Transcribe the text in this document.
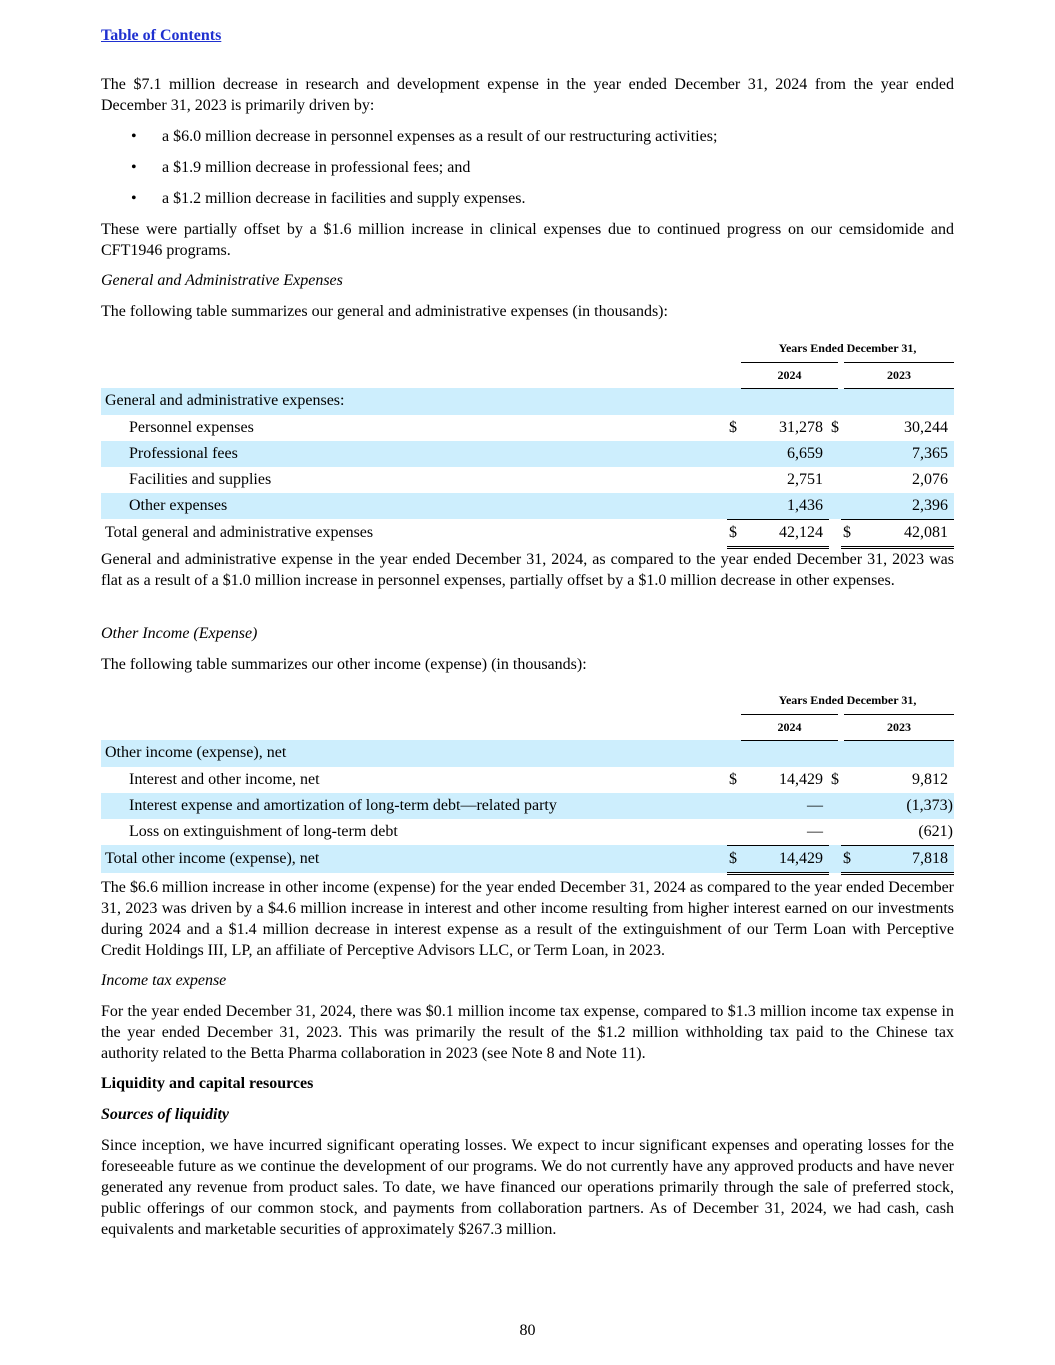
Table of Contents

The $7.1 million decrease in research and development expense in the year ended December 31, 2024 from the year ended December 31, 2023 is primarily driven by:

• a $6.0 million decrease in personnel expenses as a result of our restructuring activities;
• a $1.9 million decrease in professional fees; and
• a $1.2 million decrease in facilities and supply expenses.

These were partially offset by a $1.6 million increase in clinical expenses due to continued progress on our cemsidomide and CFT1946 programs.

General and Administrative Expenses

The following table summarizes our general and administrative expenses (in thousands):

		Years Ended December 31,			
		2024		2023	
General and administrative expenses:					
Personnel expenses	$	31,278	$		30,244
Professional fees		6,659			7,365
Facilities and supplies		2,751			2,076
Other expenses		1,436			2,396
Total general and administrative expenses	$	42,124		$	42,081

General and administrative expense in the year ended December 31, 2024, as compared to the year ended December 31, 2023 was flat as a result of a $1.0 million increase in personnel expenses, partially offset by a $1.0 million decrease in other expenses.

Other Income (Expense)

The following table summarizes our other income (expense) (in thousands):

		Years Ended December 31,			
		2024		2023	
Other income (expense), net					
Interest and other income, net	$	14,429	$		9,812
Interest expense and amortization of long-term debt—related party		—			(1,373)
Loss on extinguishment of long-term debt		—			(621)
Total other income (expense), net	$	14,429		$	7,818

The $6.6 million increase in other income (expense) for the year ended December 31, 2024 as compared to the year ended December 31, 2023 was driven by a $4.6 million increase in interest and other income resulting from higher interest earned on our investments during 2024 and a $1.4 million decrease in interest expense as a result of the extinguishment of our Term Loan with Perceptive Credit Holdings III, LP, an affiliate of Perceptive Advisors LLC, or Term Loan, in 2023.

Income tax expense

For the year ended December 31, 2024, there was $0.1 million income tax expense, compared to $1.3 million income tax expense in the year ended December 31, 2023. This was primarily the result of the $1.2 million withholding tax paid to the Chinese tax authority related to the Betta Pharma collaboration in 2023 (see Note 8 and Note 11).

Liquidity and capital resources

Sources of liquidity

Since inception, we have incurred significant operating losses. We expect to incur significant expenses and operating losses for the foreseeable future as we continue the development of our programs. We do not currently have any approved products and have never generated any revenue from product sales. To date, we have financed our operations primarily through the sale of preferred stock, public offerings of our common stock, and payments from collaboration partners. As of December 31, 2024, we had cash, cash equivalents and marketable securities of approximately $267.3 million.

80
